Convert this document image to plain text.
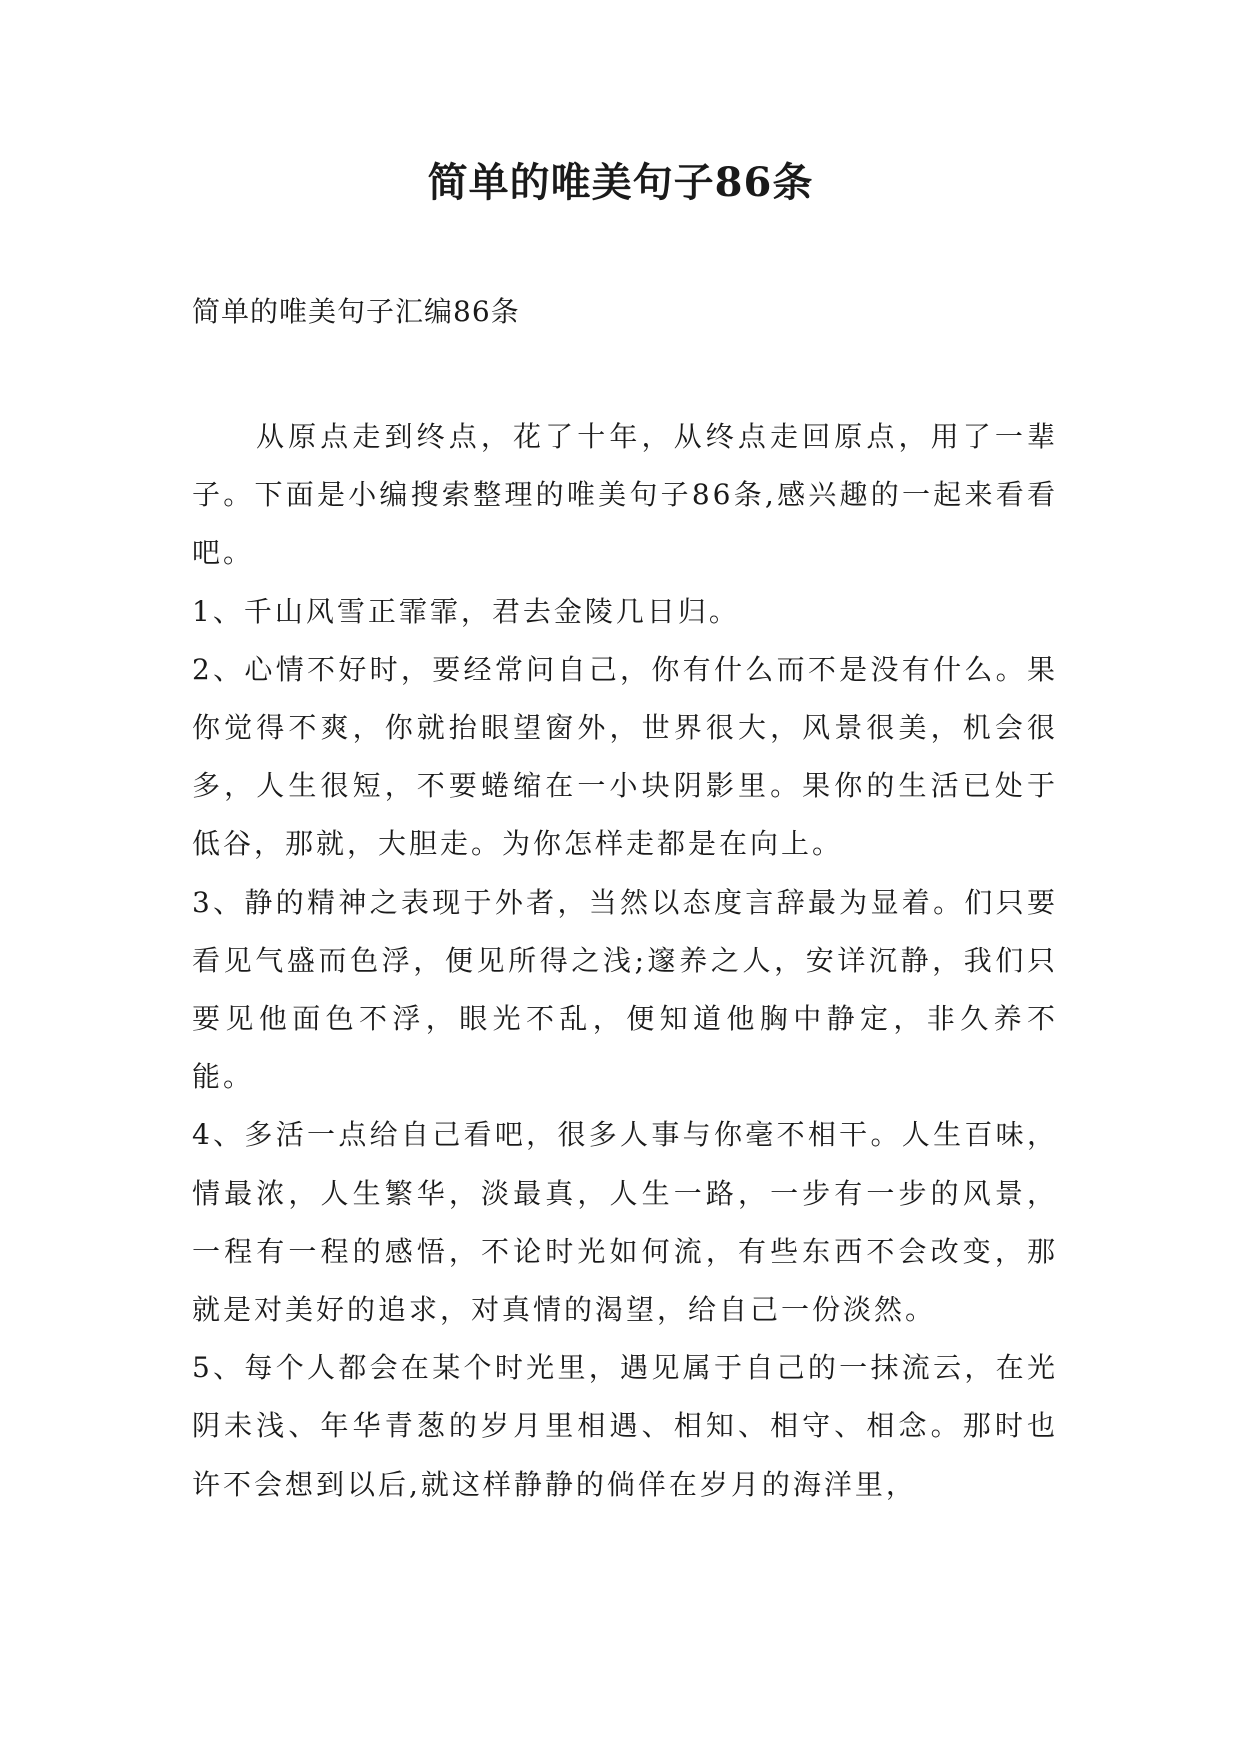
简单的唯美句子86条
简单的唯美句子汇编86条

从原点走到终点，花了十年，从终点走回原点，用了一辈子。下面是小编搜索整理的唯美句子86条,感兴趣的一起来看看吧。

1、千山风雪正霏霏，君去金陵几日归。

2、心情不好时，要经常问自己，你有什么而不是没有什么。果你觉得不爽，你就抬眼望窗外，世界很大，风景很美，机会很多，人生很短，不要蜷缩在一小块阴影里。果你的生活已处于低谷，那就，大胆走。为你怎样走都是在向上。

3、静的精神之表现于外者，当然以态度言辞最为显着。们只要看见气盛而色浮，便见所得之浅;邃养之人，安详沉静，我们只要见他面色不浮，眼光不乱，便知道他胸中静定，非久养不能。

4、多活一点给自己看吧，很多人事与你毫不相干。人生百味，情最浓，人生繁华，淡最真，人生一路，一步有一步的风景，一程有一程的感悟，不论时光如何流，有些东西不会改变，那就是对美好的追求，对真情的渴望，给自己一份淡然。

5、每个人都会在某个时光里，遇见属于自己的一抹流云，在光阴未浅、年华青葱的岁月里相遇、相知、相守、相念。那时也许不会想到以后,就这样静静的倘佯在岁月的海洋里，
